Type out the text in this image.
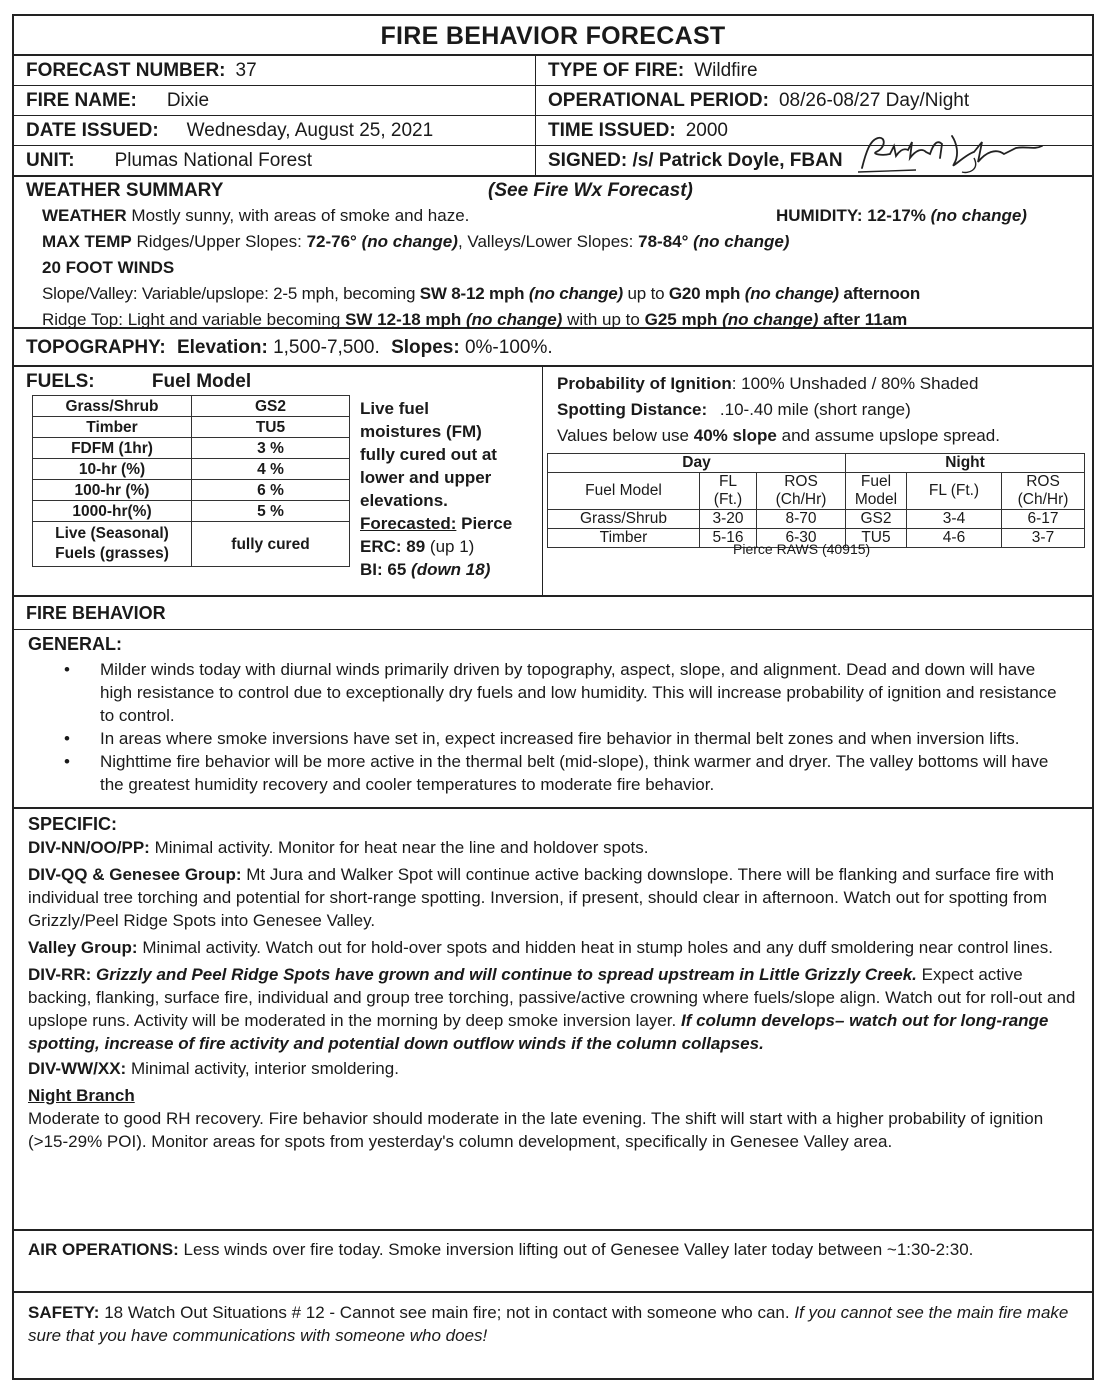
FIRE BEHAVIOR FORECAST
FORECAST NUMBER: 37	TYPE OF FIRE: Wildfire
FIRE NAME: Dixie	OPERATIONAL PERIOD: 08/26-08/27 Day/Night
DATE ISSUED: Wednesday, August 25, 2021	TIME ISSUED: 2000
UNIT: Plumas National Forest	SIGNED: /s/ Patrick Doyle, FBAN
WEATHER SUMMARY	(See Fire Wx Forecast)
WEATHER Mostly sunny, with areas of smoke and haze.	HUMIDITY: 12-17% (no change)
MAX TEMP Ridges/Upper Slopes: 72-76° (no change), Valleys/Lower Slopes: 78-84° (no change)
20 FOOT WINDS
Slope/Valley: Variable/upslope: 2-5 mph, becoming SW 8-12 mph (no change) up to G20 mph (no change) afternoon
Ridge Top: Light and variable becoming SW 12-18 mph (no change) with up to G25 mph (no change) after 11am
TOPOGRAPHY: Elevation: 1,500-7,500. Slopes: 0%-100%.
FUELS:	Fuel Model
Grass/Shrub	GS2
Timber	TU5
FDFM (1hr)	3 %
10-hr (%)	4 %
100-hr (%)	6 %
1000-hr(%)	5 %
Live (Seasonal)
Fuels (grasses)	fully cured
Live fuel
moistures (FM)
fully cured out at
lower and upper
elevations.
Forecasted: Pierce
ERC: 89 (up 1)
BI: 65 (down 18)
Probability of Ignition: 100% Unshaded / 80% Shaded
Spotting Distance: .10-.40 mile (short range)
Values below use 40% slope and assume upslope spread.
Day			Night		
Fuel Model	FL (Ft.)	ROS (Ch/Hr)	Fuel Model	FL (Ft.)	ROS (Ch/Hr)
Grass/Shrub	3-20	8-70	GS2	3-4	6-17
Timber	5-16	6-30	TU5	4-6	3-7
Pierce RAWS (40915)
FIRE BEHAVIOR
GENERAL:
• Milder winds today with diurnal winds primarily driven by topography, aspect, slope, and alignment. Dead and down will have high resistance to control due to exceptionally dry fuels and low humidity. This will increase probability of ignition and resistance to control.
• In areas where smoke inversions have set in, expect increased fire behavior in thermal belt zones and when inversion lifts.
• Nighttime fire behavior will be more active in the thermal belt (mid-slope), think warmer and dryer. The valley bottoms will have the greatest humidity recovery and cooler temperatures to moderate fire behavior.
SPECIFIC:
DIV-NN/OO/PP: Minimal activity. Monitor for heat near the line and holdover spots.
DIV-QQ & Genesee Group: Mt Jura and Walker Spot will continue active backing downslope. There will be flanking and surface fire with individual tree torching and potential for short-range spotting. Inversion, if present, should clear in afternoon. Watch out for spotting from Grizzly/Peel Ridge Spots into Genesee Valley.
Valley Group: Minimal activity. Watch out for hold-over spots and hidden heat in stump holes and any duff smoldering near control lines.
DIV-RR: Grizzly and Peel Ridge Spots have grown and will continue to spread upstream in Little Grizzly Creek. Expect active backing, flanking, surface fire, individual and group tree torching, passive/active crowning where fuels/slope align. Watch out for roll-out and upslope runs. Activity will be moderated in the morning by deep smoke inversion layer. If column develops– watch out for long-range spotting, increase of fire activity and potential down outflow winds if the column collapses.
DIV-WW/XX: Minimal activity, interior smoldering.
Night Branch
Moderate to good RH recovery. Fire behavior should moderate in the late evening. The shift will start with a higher probability of ignition (>15-29% POI). Monitor areas for spots from yesterday's column development, specifically in Genesee Valley area.
AIR OPERATIONS: Less winds over fire today. Smoke inversion lifting out of Genesee Valley later today between ~1:30-2:30.
SAFETY: 18 Watch Out Situations # 12 - Cannot see main fire; not in contact with someone who can. If you cannot see the main fire make sure that you have communications with someone who does!
